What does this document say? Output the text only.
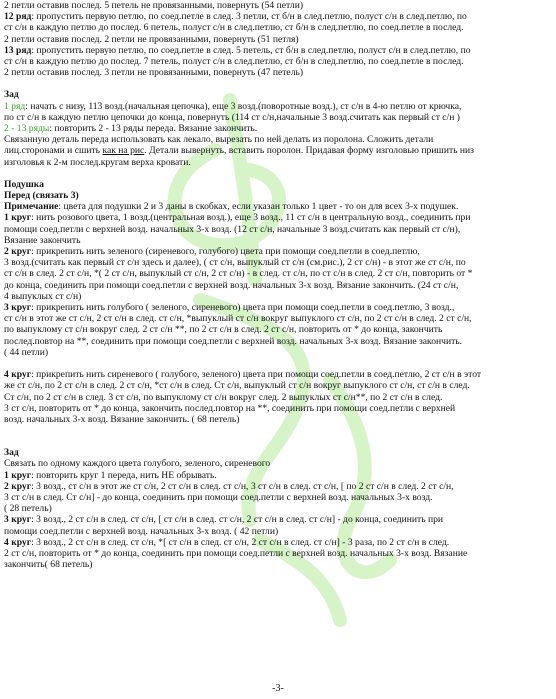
2 петли оставив послед. 5 петель не провязанными, повернуть (54 петли)
12 ряд: пропустить первую петлю, по соед.петле в след. 3 петли, ст б/н в след.петлю, полуст с/н в след.петлю, по
ст с/н в каждую петлю до послед. 6 петель, полуст с/н в след.петлю, ст б/н в след.петлю, по соед.петле в послед.
2 петли оставив послед. 2 петли не провязанными, повернуть (51 петля)
13 ряд: пропустить первую петлю, по соед.петле в след. 5 петель, ст б/н в след.петлю, полуст с/н в след.петлю, по
ст с/н в каждую петлю до послед. 7 петель, полуст с/н в след.петлю, ст б/н в след.петлю, по соед.петле в послед.
2 петли оставив послед. 3 петли не провязанными, повернуть (47 петель)
Зад
1 ряд: начать с низу, 113 возд.(начальная цепочка), еще 3 возд.(поворотные возд.), ст с/н в 4-ю петлю от крючка,
по ст с/н в каждую петлю цепочки до конца, повернуть (114 ст с/н,начальные 3 возд.считать как первый ст с/н )
2 - 13 ряды: повторить 2 - 13 ряды переда. Вязание закончить.
Связанную деталь переда использовать как лекало, вырезать по ней делать из поролона. Сложить детали
лиц.сторонами и сшить как на рис. Детали вывернуть, вставить поролон. Придавая форму изголовью пришить низ
изголовья к 2-м послед.кругам верха кровати.
Подушка
Перед (связать 3)
Примечание: цвета для подушки 2 и 3 даны в скобках, если указан только 1 цвет - то он для всех 3-х подушек.
1 круг: нить розового цвета, 1 возд.(центральная возд.), еще 3 возд., 11 ст с/н в центральную возд., соединить при
помощи соед.петли с верхней возд. начальных 3-х возд. (12 ст с/н, начальные 3 возд.считать как первый ст с/н),
Вязание закончить
2 круг: прикрепить нить зеленого (сиреневого, голубого) цвета при помощи соед.петли в соед.петлю,
3 возд.(считать как первый ст с/н здесь и далее), ( ст с/н, выпуклый ст с/н (см.рис.), 2 ст с/н) - в этот же ст с/н, по
ст с/н в след. 2 ст с/н, *( 2 ст с/н, выпуклый ст с/н, 2 ст с/н) - в след. ст с/н, по ст с/н в след. 2 ст с/н, повторить от *
до конца, соединить при помощи соед.петли с верхней возд. начальных 3-х возд. Вязание закончить. (24 ст с/н,
4 выпуклых ст с/н)
3 круг: прикрепить нить голубого ( зеленого, сиреневого) цвета при помощи соед.петли в соед.петлю, 3 возд.,
ст с/н в этот же ст с/н, 2 ст с/н в след. ст с/н, *выпуклый ст с/н вокруг выпуклого ст с/н, по 2 ст с/н в след. 2 ст с/н,
по выпуклому ст с/н вокруг след. 2 ст с/н **, по 2 ст с/н в след. 2 ст с/н, повторить от * до конца, закончить
послед.повтор на **, соединить при помощи соед.петли с верхней возд. начальных 3-х возд. Вязание закончить.
( 44 петли)
4 круг: прикрепить нить сиреневого ( голубого, зеленого) цвета при помощи соед.петли в соед.петлю, 2 ст с/н в этот
же ст с/н, по 2 ст с/н в след. 2 ст с/н, *ст с/н в след. Ст с/н, выпуклый ст с/н вокруг выпуклого ст с/н, ст с/н в след.
Ст с/н, по 2 ст с/н в след. 3 ст с/н, по выпуклому ст с/н вокруг след. 2 выпуклых ст с/н**, по 2 ст с/н в след.
3 ст с/н, повторить от * до конца, закончить послед.повтор на **, соединить при помощи соед.петли с верхней
возд. начальных 3-х возд. Вязание закончить. ( 68 петель)
Зад
Связать по одному каждого цвета голубого, зеленого, сиреневого
1 круг: повторить круг 1 переда, нить НЕ обрывать.
2 круг: 3 возд., ст с/н в этот же ст с/н, 2 ст с/н в след. ст с/н, 3 ст с/н в след. ст с/н, [ по 2 ст с/н в след. 2 ст с/н,
3 ст с/н в след. Ст с/н] - до конца, соединить при помощи соед.петли с верхней возд. начальных 3-х возд.
( 28 петель)
3 круг: 3 возд., 2 ст с/н в след. ст с/н, [ ст с/н в след. ст с/н, 2 ст с/н в след. ст с/н] - до конца, соединить при
помощи соед.петли с верхней возд. начальных 3-х возд. ( 42 петли)
4 круг: 3 возд., 2 ст с/н в след. ст с/н, *[ ст с/н в след. ст с/н, 2 ст с/н в след. ст с/н] - 3 раза, по 2 ст с/н в след.
2 ст с/н, повторить от * до конца, соединить при помощи соед.петли с верхней возд. начальных 3-х возд. Вязание
закончить( 68 петель)
-3-
